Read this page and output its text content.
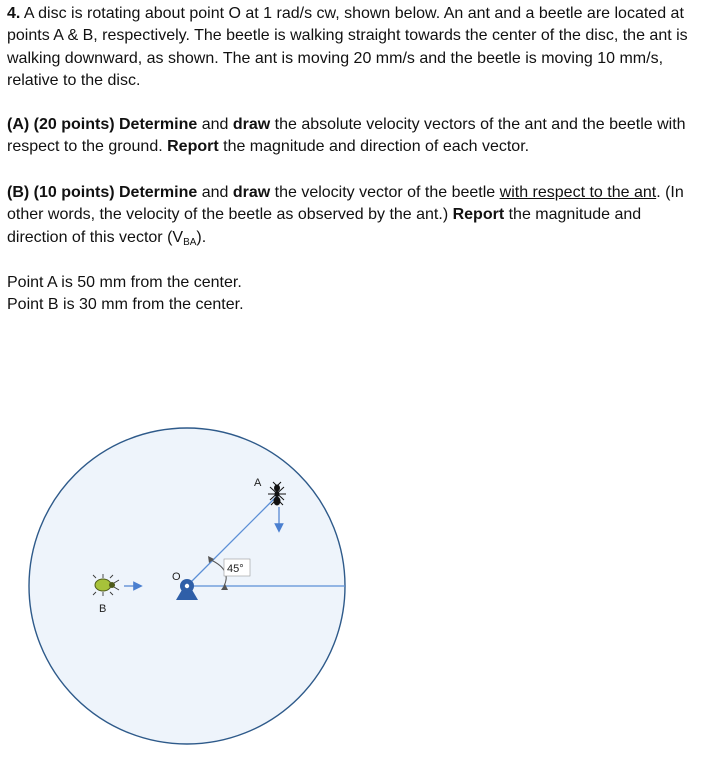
4. A disc is rotating about point O at 1 rad/s cw, shown below. An ant and a beetle are located at points A & B, respectively. The beetle is walking straight towards the center of the disc, the ant is walking downward, as shown. The ant is moving 20 mm/s and the beetle is moving 10 mm/s, relative to the disc.

(A) (20 points) Determine and draw the absolute velocity vectors of the ant and the beetle with respect to the ground. Report the magnitude and direction of each vector.

(B) (10 points) Determine and draw the velocity vector of the beetle with respect to the ant. (In other words, the velocity of the beetle as observed by the ant.) Report the magnitude and direction of this vector $(V_{BA})$.

Point A is 50 mm from the center.
Point B is 30 mm from the center.

45°
A
B
O
